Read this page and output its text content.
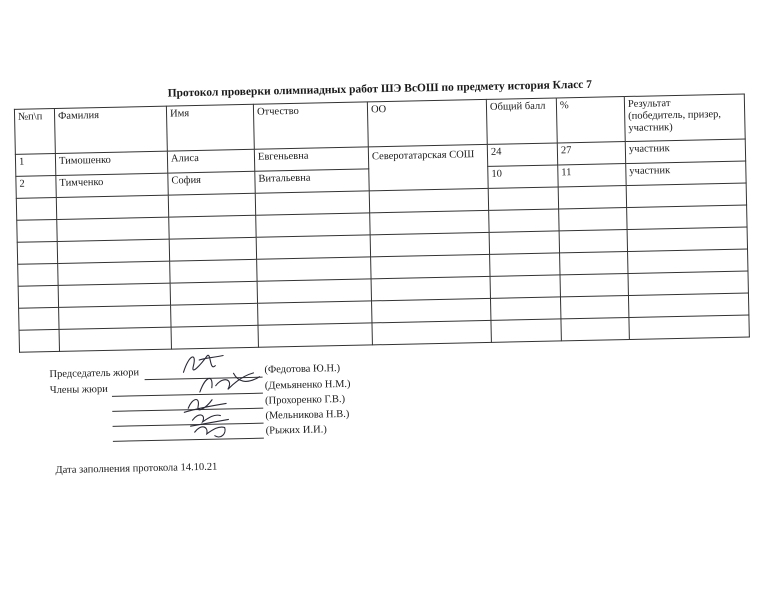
Протокол проверки олимпиадных работ ШЭ ВсОШ по предмету история Класс 7
№п\п	Фамилия	Имя	Отчество	ОО	Общий балл	%	Результат
(победитель, призер, участник)
1	Тимошенко	Алиса	Евгеньевна	Северотатарская СОШ	24	27	участник
2	Тимченко	София	Витальевна		10	11	участник

Председатель жюри	(Федотова Ю.Н.)
Члены жюри	(Демьяненко Н.М.)
(Прохоренко Г.В.)
(Мельникова Н.В.)
(Рыжих И.И.)
Дата заполнения протокола 14.10.21
